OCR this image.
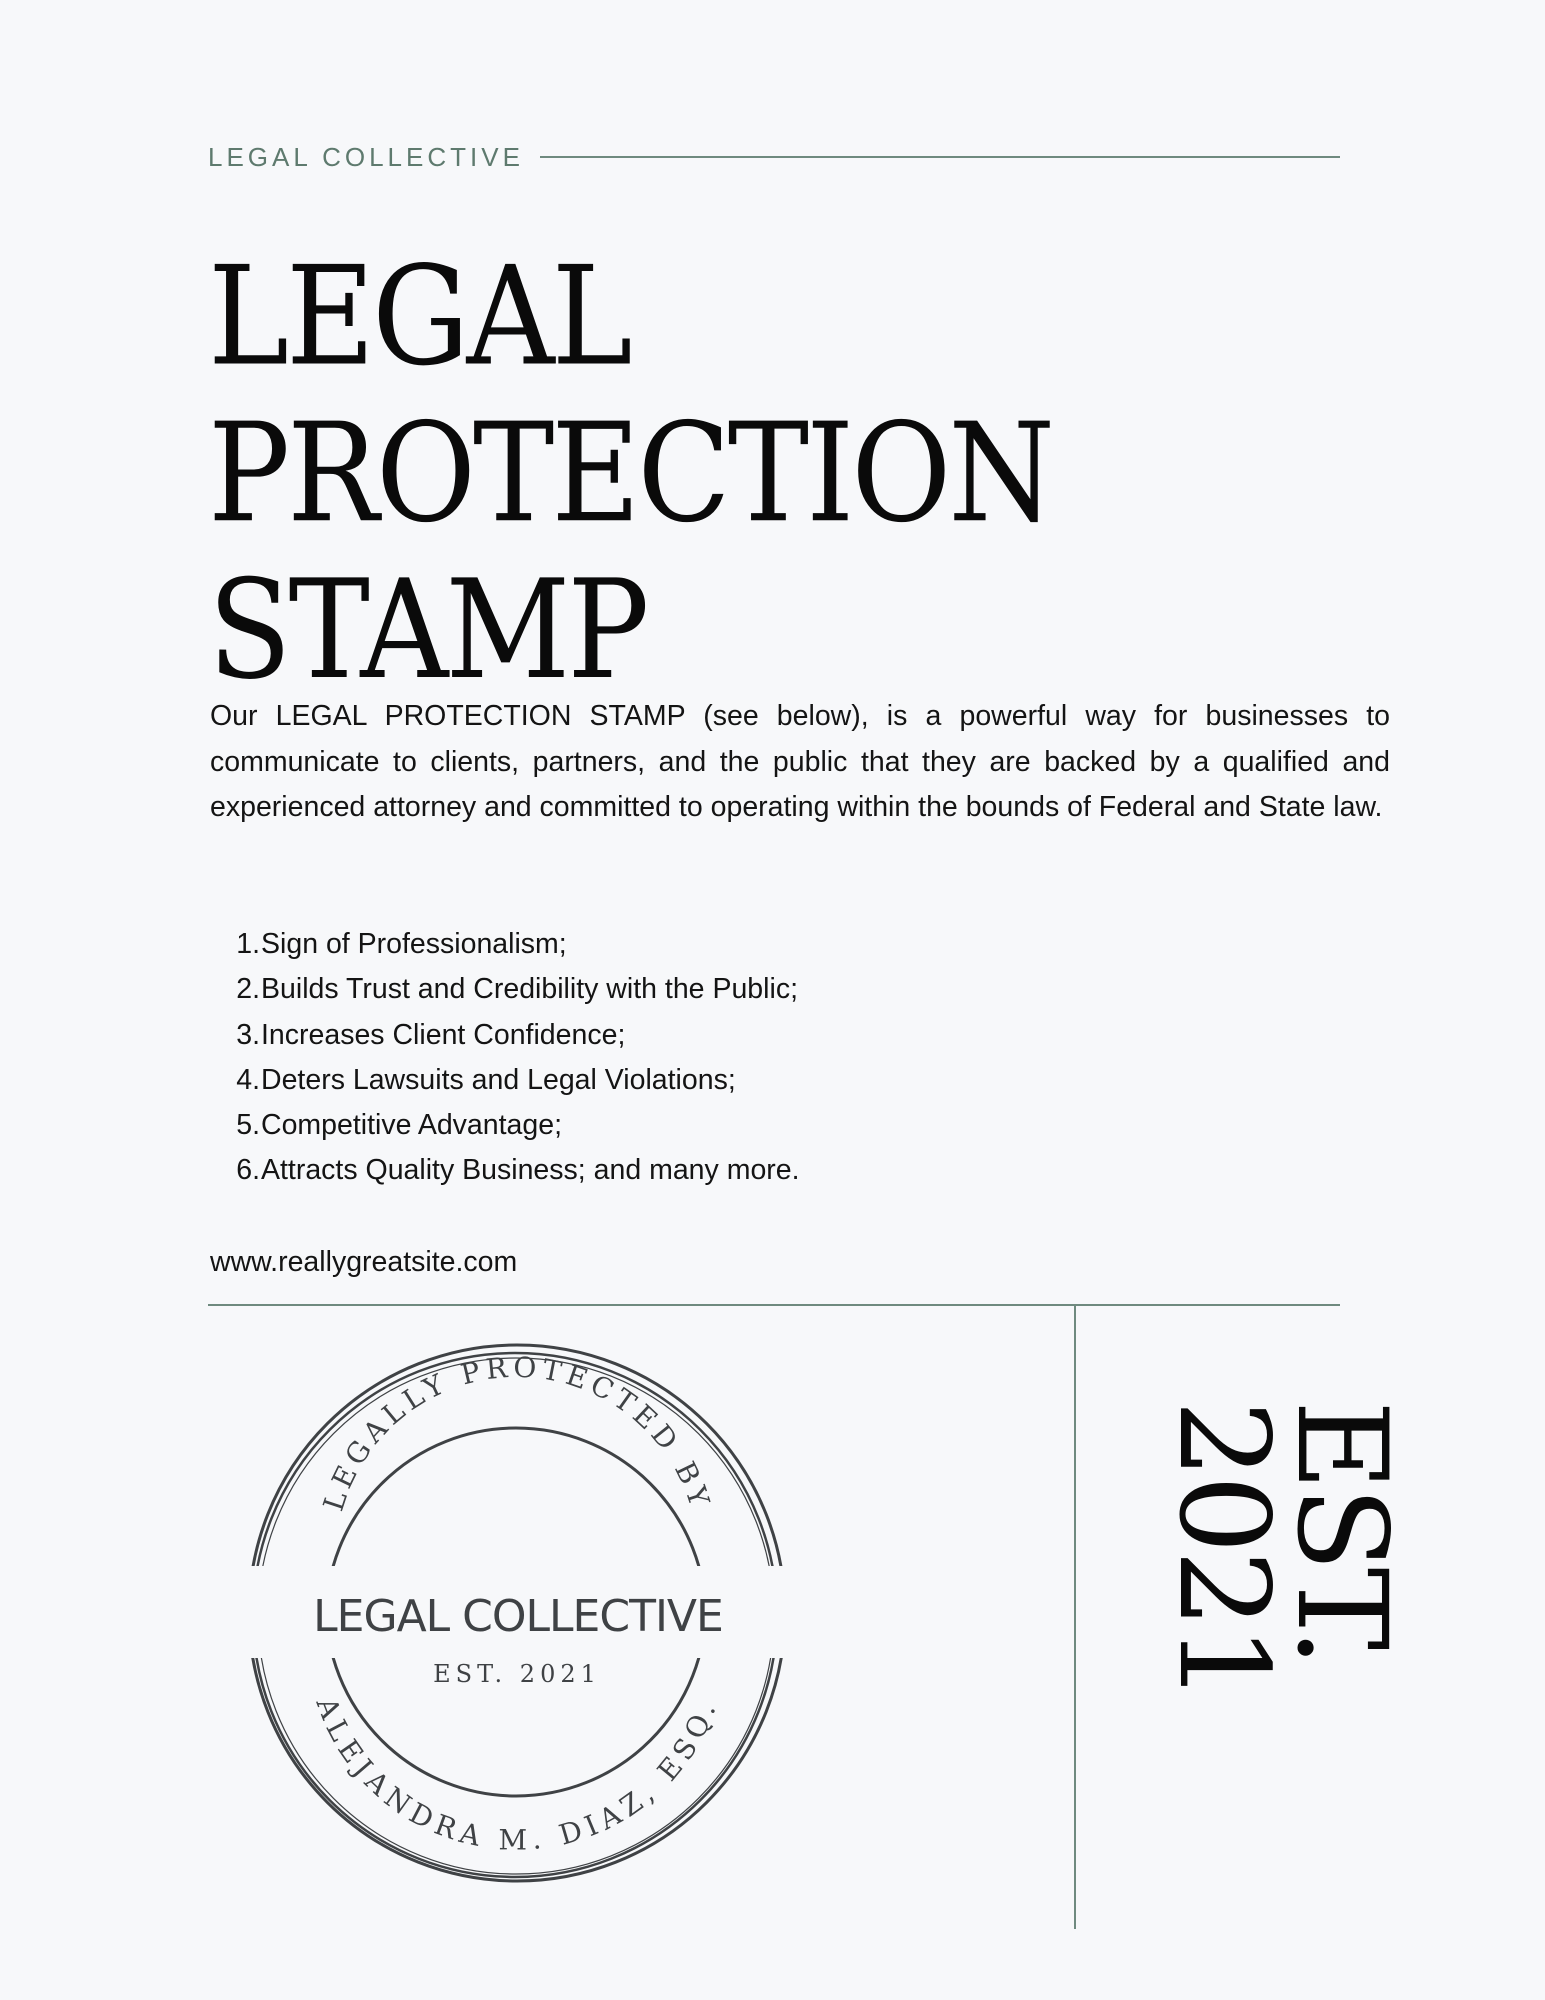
LEGAL COLLECTIVE
LEGAL
PROTECTION
STAMP

Our LEGAL PROTECTION STAMP (see below), is a powerful way for businesses to communicate to clients, partners, and the public that they are backed by a qualified and experienced attorney and committed to operating within the bounds of Federal and State law.

1. Sign of Professionalism;
2. Builds Trust and Credibility with the Public;
3. Increases Client Confidence;
4. Deters Lawsuits and Legal Violations;
5. Competitive Advantage;
6. Attracts Quality Business; and many more.
www.reallygreatsite.com
LEGALLY PROTECTED BY
LEGAL COLLECTIVE
EST. 2021
ALEJANDRA M. DIAZ, ESQ.
EST.
2021
